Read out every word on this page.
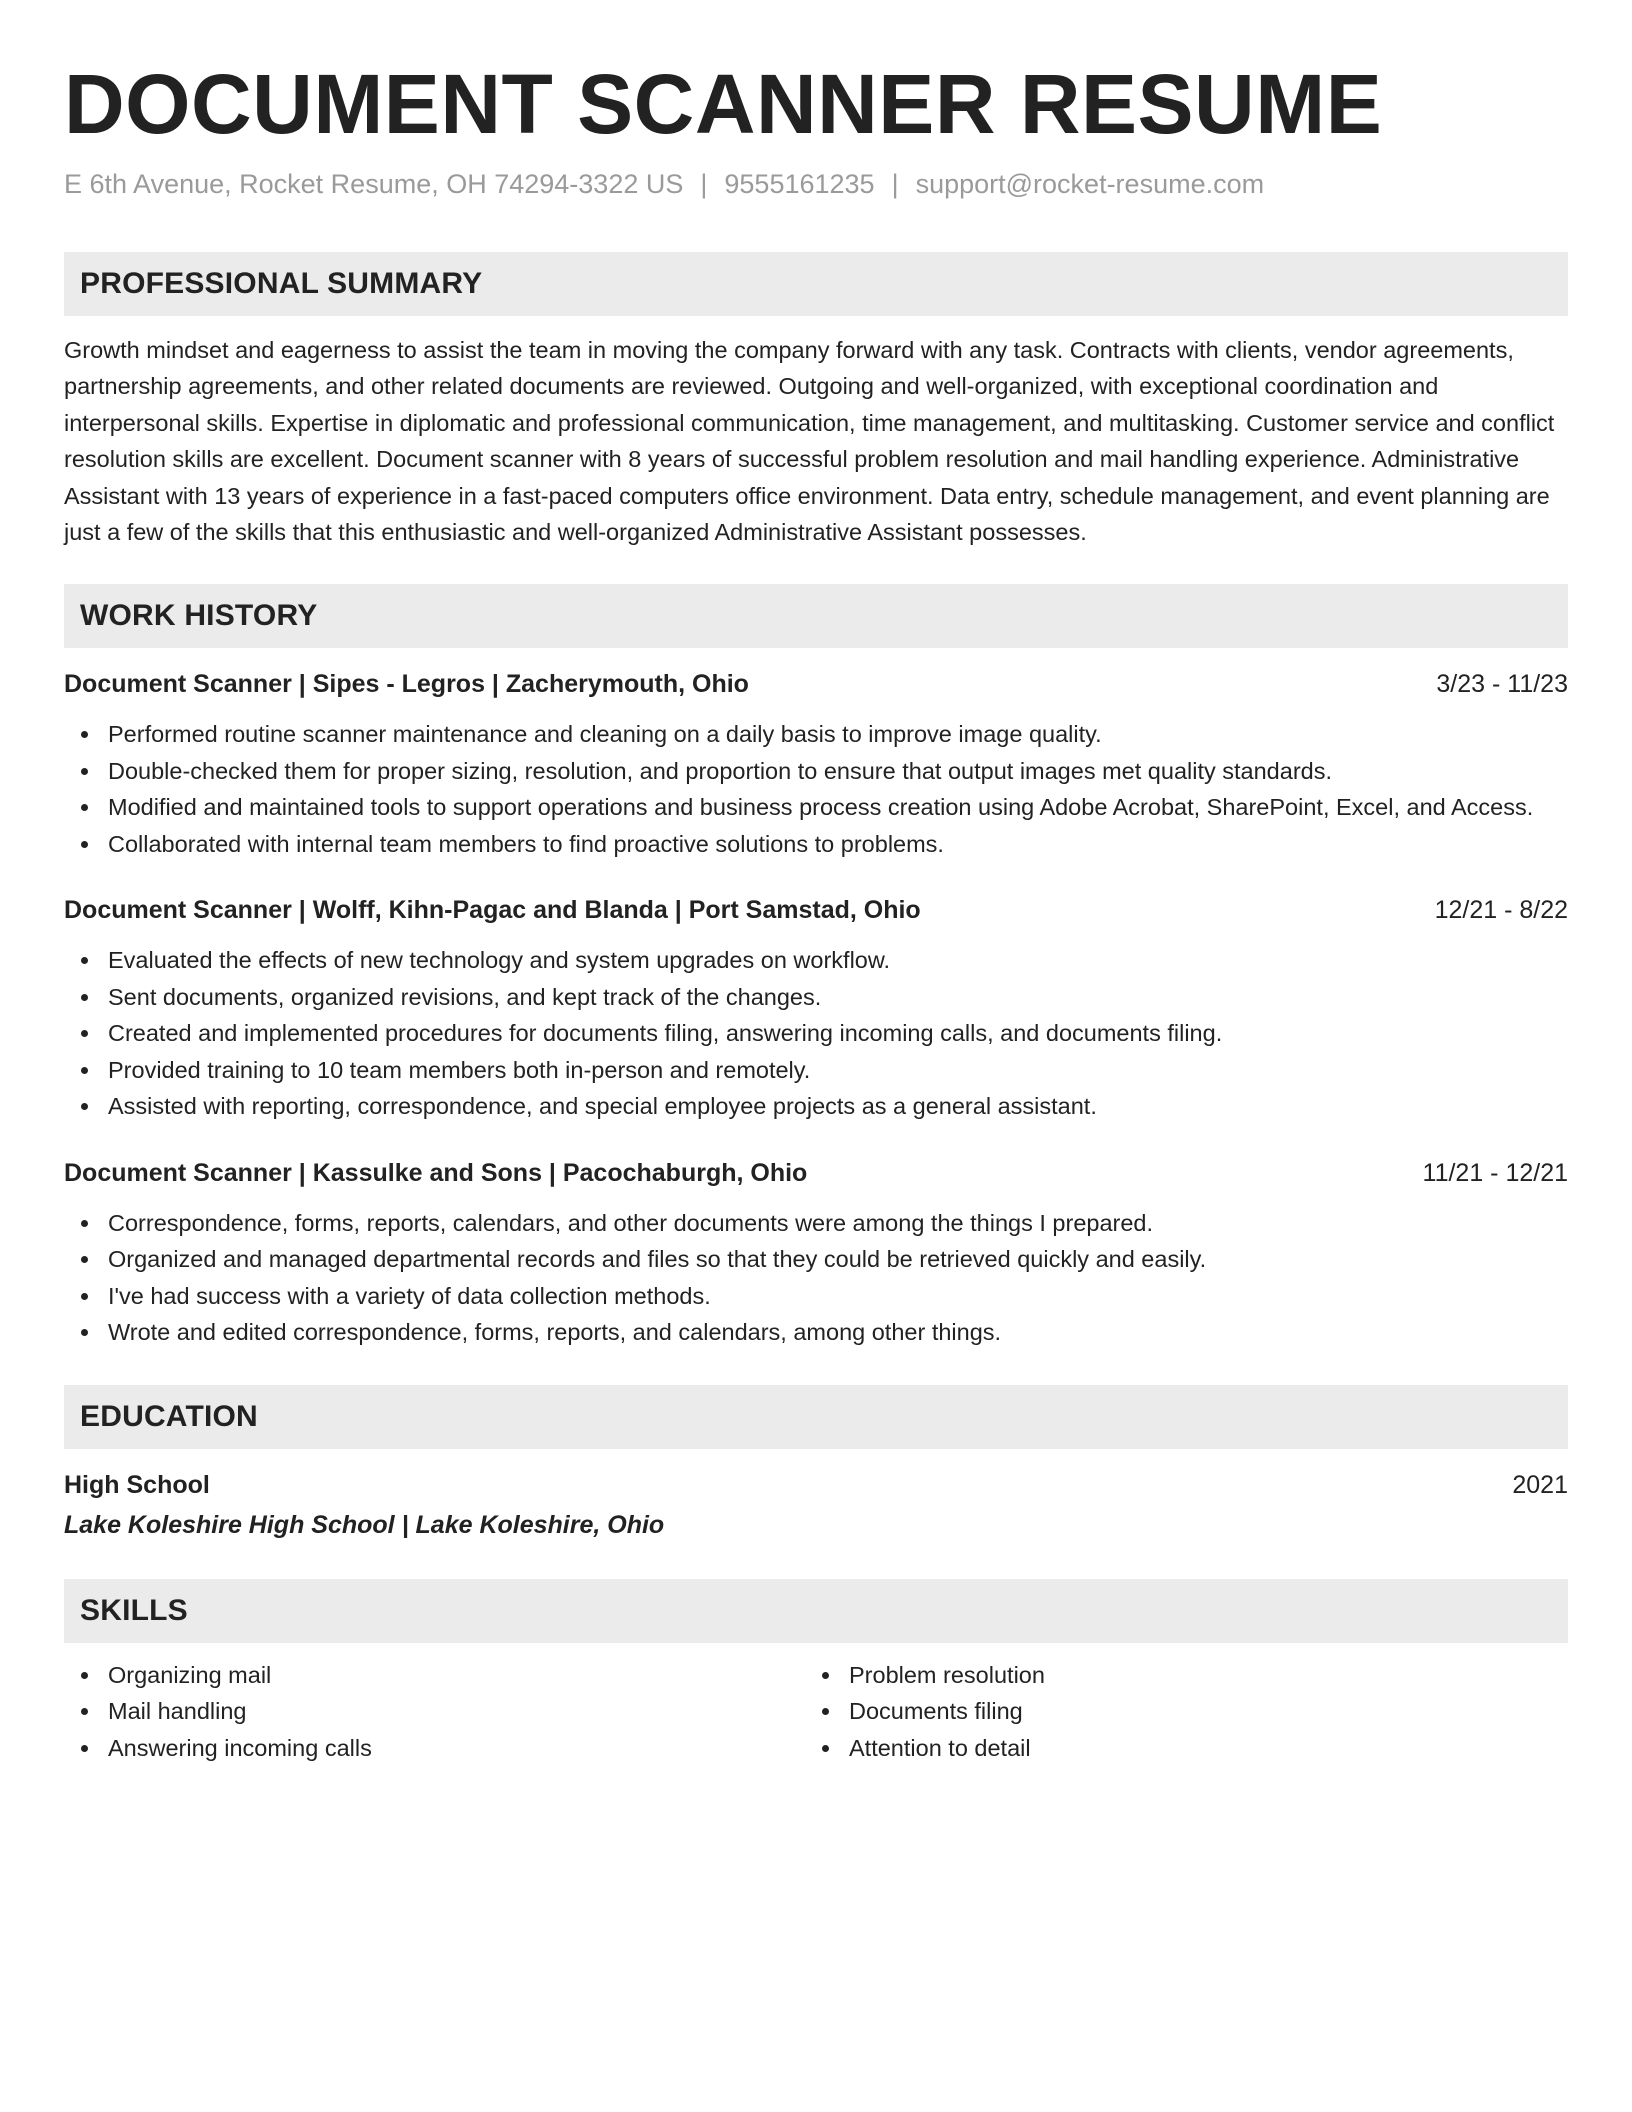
DOCUMENT SCANNER RESUME
E 6th Avenue, Rocket Resume, OH 74294-3322 US | 9555161235 | support@rocket-resume.com
PROFESSIONAL SUMMARY

Growth mindset and eagerness to assist the team in moving the company forward with any task. Contracts with clients, vendor agreements, partnership agreements, and other related documents are reviewed. Outgoing and well-organized, with exceptional coordination and interpersonal skills. Expertise in diplomatic and professional communication, time management, and multitasking. Customer service and conflict resolution skills are excellent. Document scanner with 8 years of successful problem resolution and mail handling experience. Administrative Assistant with 13 years of experience in a fast-paced computers office environment. Data entry, schedule management, and event planning are just a few of the skills that this enthusiastic and well-organized Administrative Assistant possesses.

WORK HISTORY
Document Scanner | Sipes - Legros | Zacherymouth, Ohio	3/23 - 11/23
Performed routine scanner maintenance and cleaning on a daily basis to improve image quality.
Double-checked them for proper sizing, resolution, and proportion to ensure that output images met quality standards.
Modified and maintained tools to support operations and business process creation using Adobe Acrobat, SharePoint, Excel, and Access.
Collaborated with internal team members to find proactive solutions to problems.
Document Scanner | Wolff, Kihn-Pagac and Blanda | Port Samstad, Ohio	12/21 - 8/22
Evaluated the effects of new technology and system upgrades on workflow.
Sent documents, organized revisions, and kept track of the changes.
Created and implemented procedures for documents filing, answering incoming calls, and documents filing.
Provided training to 10 team members both in-person and remotely.
Assisted with reporting, correspondence, and special employee projects as a general assistant.
Document Scanner | Kassulke and Sons | Pacochaburgh, Ohio	11/21 - 12/21
Correspondence, forms, reports, calendars, and other documents were among the things I prepared.
Organized and managed departmental records and files so that they could be retrieved quickly and easily.
I've had success with a variety of data collection methods.
Wrote and edited correspondence, forms, reports, and calendars, among other things.
EDUCATION
High School	2021
Lake Koleshire High School | Lake Koleshire, Ohio
SKILLS
Organizing mail
Mail handling
Answering incoming calls
Problem resolution
Documents filing
Attention to detail
